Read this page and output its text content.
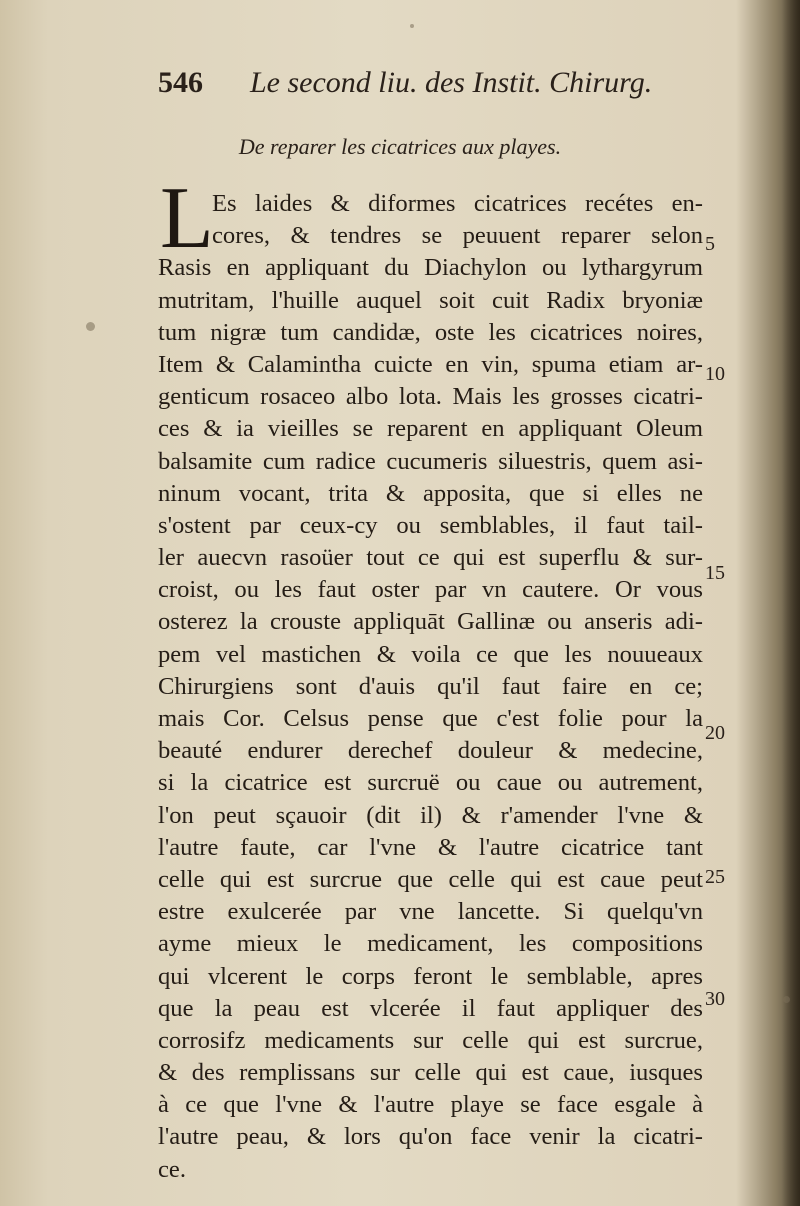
546 Le second liu. des Instit. Chirurg.
De reparer les cicatrices aux playes.
L
Es laides & diformes cicatrices recétes en-
cores, & tendres se peuuent reparer selon
Rasis en appliquant du Diachylon ou lythargyrum
mutritam, l'huille auquel soit cuit Radix bryoniæ
tum nigræ tum candidæ, oste les cicatrices noires,
Item & Calamintha cuicte en vin, spuma etiam ar-
genticum rosaceo albo lota. Mais les grosses cicatri-
ces & ia vieilles se reparent en appliquant Oleum
balsamite cum radice cucumeris siluestris, quem asi-
ninum vocant, trita & apposita, que si elles ne
s'ostent par ceux-cy ou semblables, il faut tail-
ler auecvn rasoüer tout ce qui est superflu & sur-
croist, ou les faut oster par vn cautere. Or vous
osterez la crouste appliquāt Gallinæ ou anseris adi-
pem vel mastichen & voila ce que les nouueaux
Chirurgiens sont d'auis qu'il faut faire en ce;
mais Cor. Celsus pense que c'est folie pour la
beauté endurer derechef douleur & medecine,
si la cicatrice est surcruë ou caue ou autrement,
l'on peut sçauoir (dit il) & r'amender l'vne &
l'autre faute, car l'vne & l'autre cicatrice tant
celle qui est surcrue que celle qui est caue peut
estre exulcerée par vne lancette. Si quelqu'vn
ayme mieux le medicament, les compositions
qui vlcerent le corps feront le semblable, apres
que la peau est vlcerée il faut appliquer des
corrosifz medicaments sur celle qui est surcrue,
& des remplissans sur celle qui est caue, iusques
à ce que l'vne & l'autre playe se face esgale à
l'autre peau, & lors qu'on face venir la cicatri-
ce.
5
10
15
20
25
30
